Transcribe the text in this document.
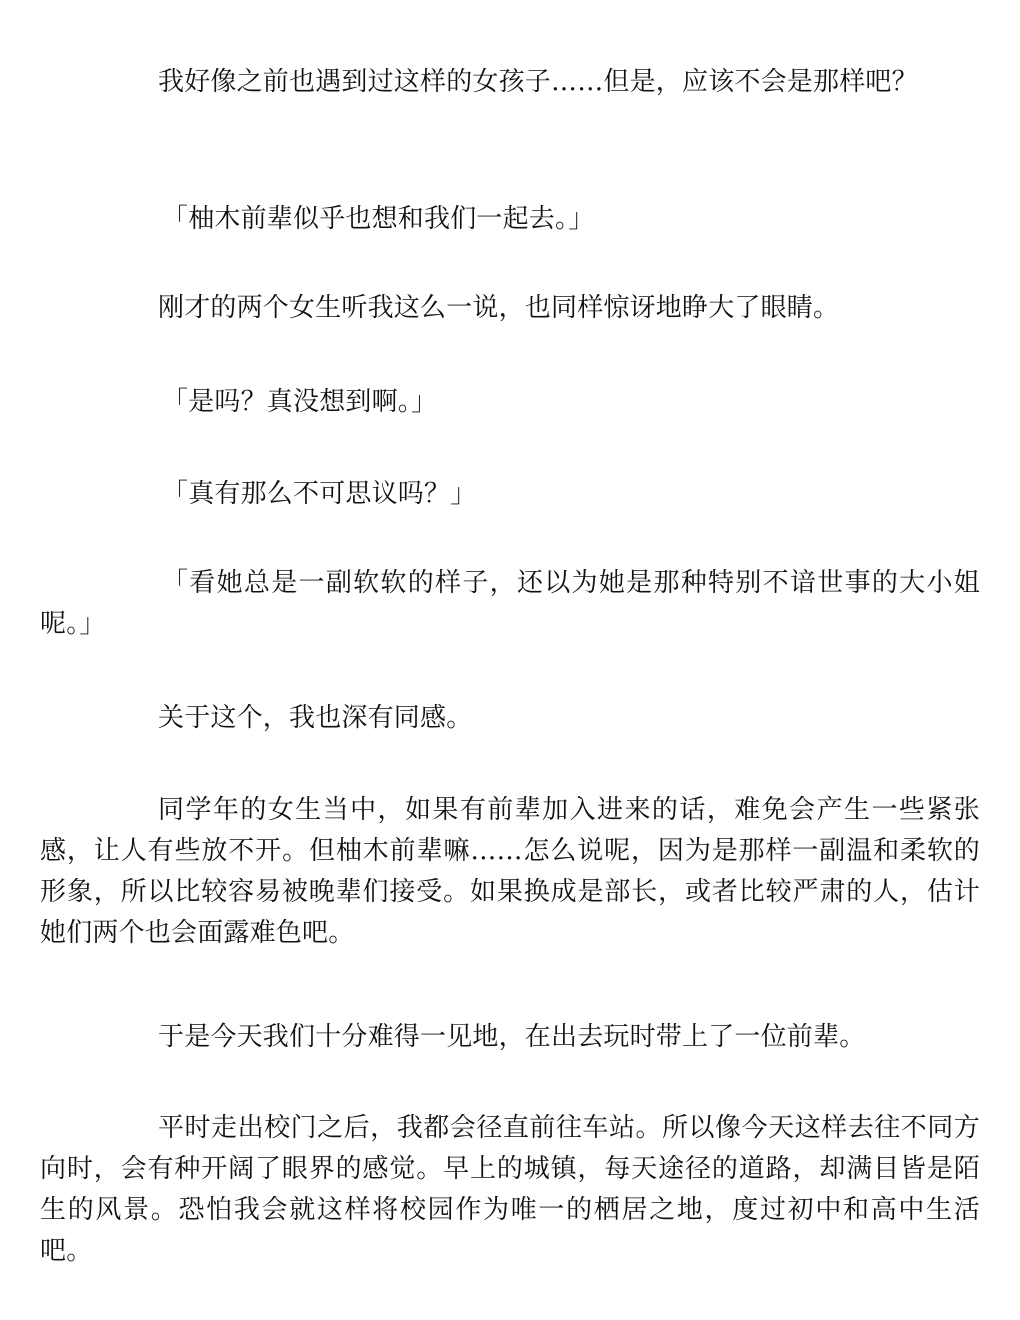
我好像之前也遇到过这样的女孩子……但是，应该不会是那样吧？

「柚木前辈似乎也想和我们一起去。」

刚才的两个女生听我这么一说，也同样惊讶地睁大了眼睛。

「是吗？真没想到啊。」

「真有那么不可思议吗？」

「看她总是一副软软的样子，还以为她是那种特别不谙世事的大小姐呢。」

关于这个，我也深有同感。

同学年的女生当中，如果有前辈加入进来的话，难免会产生一些紧张感，让人有些放不开。但柚木前辈嘛……怎么说呢，因为是那样一副温和柔软的形象，所以比较容易被晚辈们接受。如果换成是部长，或者比较严肃的人，估计她们两个也会面露难色吧。

于是今天我们十分难得一见地，在出去玩时带上了一位前辈。

平时走出校门之后，我都会径直前往车站。所以像今天这样去往不同方向时，会有种开阔了眼界的感觉。早上的城镇，每天途径的道路，却满目皆是陌生的风景。恐怕我会就这样将校园作为唯一的栖居之地，度过初中和高中生活吧。
